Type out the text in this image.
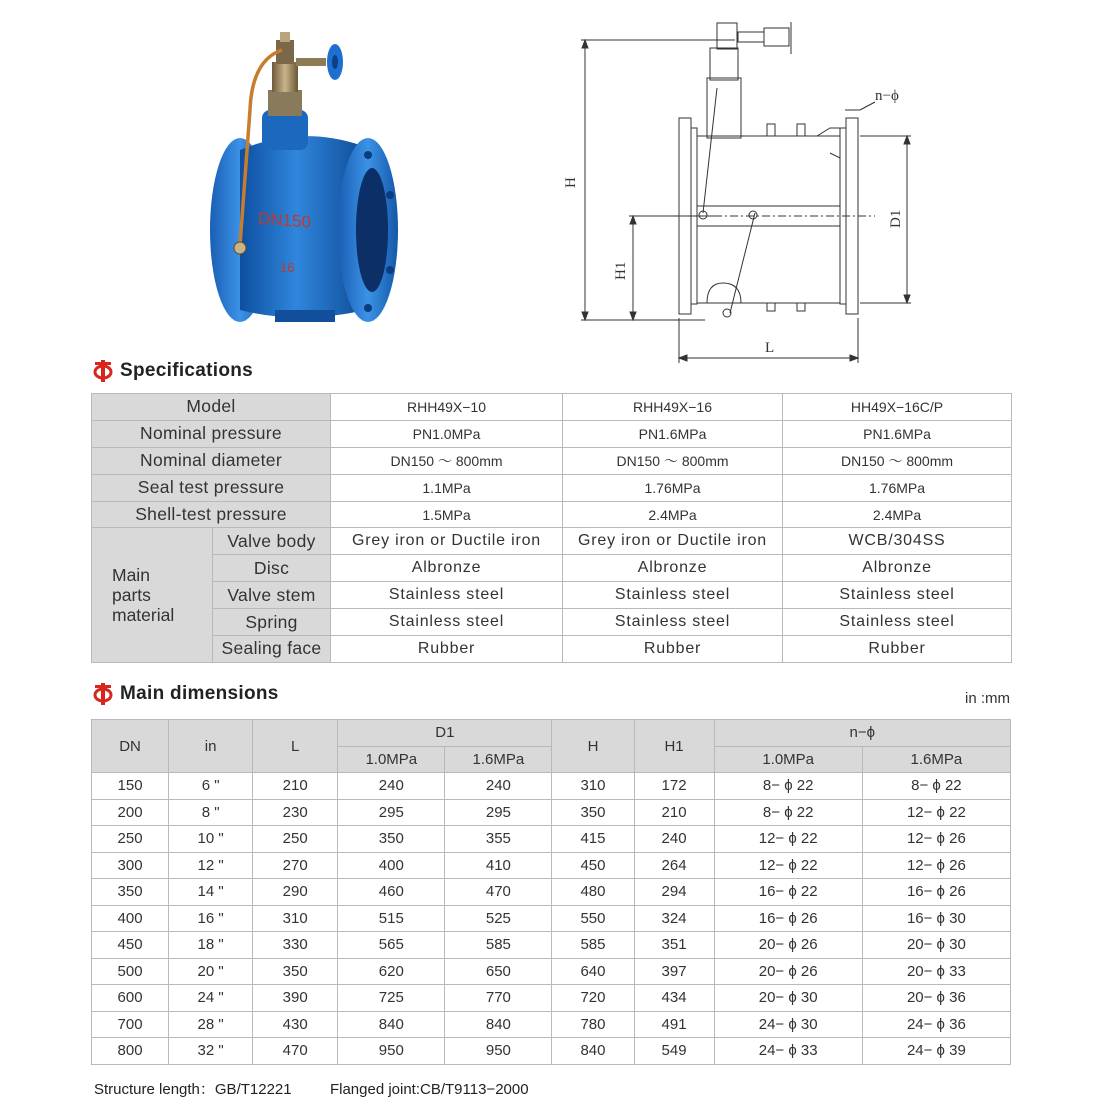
DN150
16
n−ϕ
H
H1
D1
L
Specifications
Model		RHH49X−10	RHH49X−16	HH49X−16C/P
Nominal pressure		PN1.0MPa	PN1.6MPa	PN1.6MPa
Nominal diameter		DN150 ～ 800mm	DN150 ～ 800mm	DN150 ～ 800mm
Seal test pressure		1.1MPa	1.76MPa	1.76MPa
Shell-test pressure		1.5MPa	2.4MPa	2.4MPa

Main
parts
material	Valve body	Grey iron or Ductile iron	Grey iron or Ductile iron	WCB/304SS
	Disc	Albronze	Albronze	Albronze
	Valve stem	Stainless steel	Stainless steel	Stainless steel
	Spring	Stainless steel	Stainless steel	Stainless steel
	Sealing face	Rubber	Rubber	Rubber
Main dimensions	in :mm
DN	in	L	D1		H	H1	n−ϕ	
			1.0MPa	1.6MPa			1.0MPa	1.6MPa
150	6 "	210	240	240	310	172	8− ϕ 22	8− ϕ 22
200	8 "	230	295	295	350	210	8− ϕ 22	12− ϕ 22
250	10 "	250	350	355	415	240	12− ϕ 22	12− ϕ 26
300	12 "	270	400	410	450	264	12− ϕ 22	12− ϕ 26
350	14 "	290	460	470	480	294	16− ϕ 22	16− ϕ 26
400	16 "	310	515	525	550	324	16− ϕ 26	16− ϕ 30
450	18 "	330	565	585	585	351	20− ϕ 26	20− ϕ 30
500	20 "	350	620	650	640	397	20− ϕ 26	20− ϕ 33
600	24 "	390	725	770	720	434	20− ϕ 30	20− ϕ 36
700	28 "	430	840	840	780	491	24− ϕ 30	24− ϕ 36
800	32 "	470	950	950	840	549	24− ϕ 33	24− ϕ 39
Structure length：GB/T12221	Flanged joint:CB/T9113−2000
